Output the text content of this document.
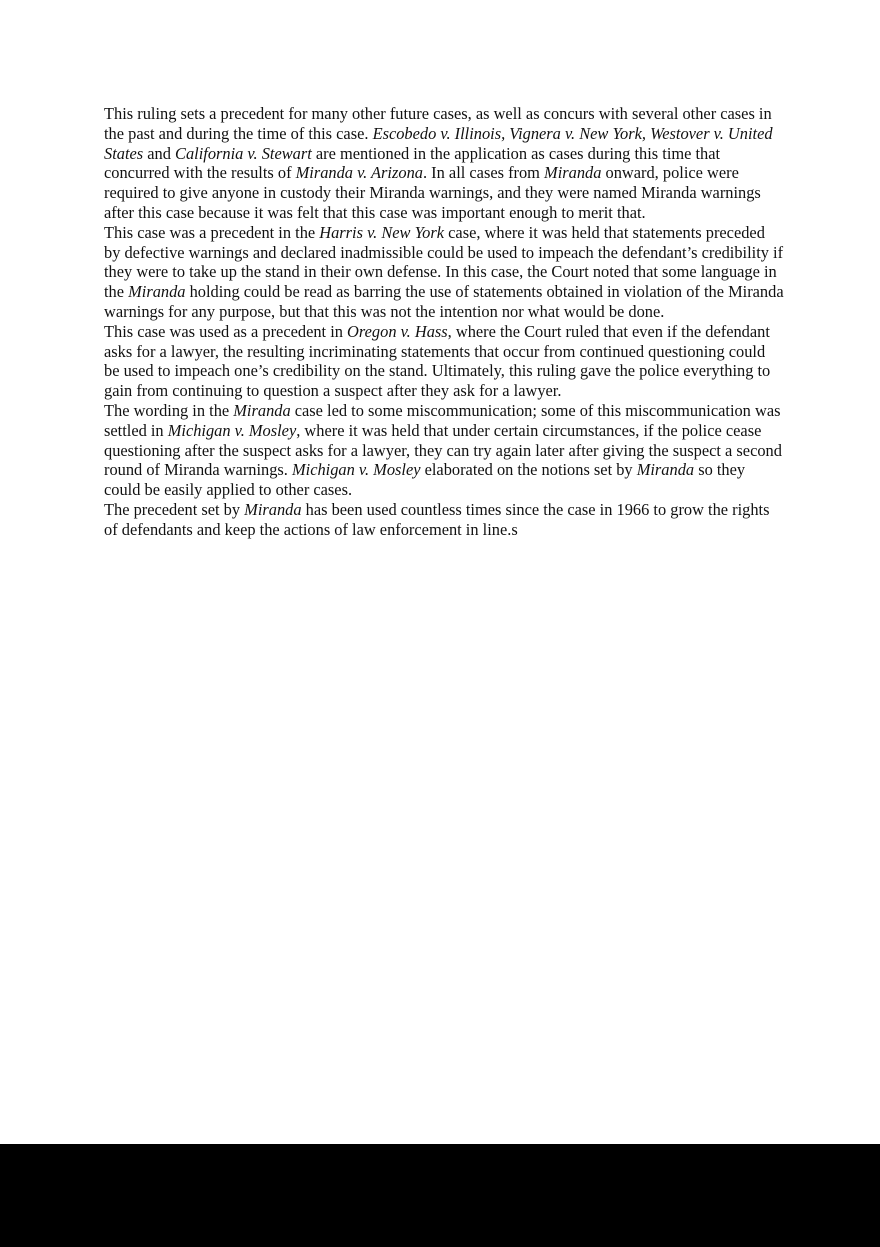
This ruling sets a precedent for many other future cases, as well as concurs with several other cases in the past and during the time of this case. Escobedo v. Illinois, Vignera v. New York, Westover v. United States and California v. Stewart are mentioned in the application as cases during this time that concurred with the results of Miranda v. Arizona. In all cases from Miranda onward, police were required to give anyone in custody their Miranda warnings, and they were named Miranda warnings after this case because it was felt that this case was important enough to merit that.

This case was a precedent in the Harris v. New York case, where it was held that statements preceded by defective warnings and declared inadmissible could be used to impeach the defendant’s credibility if they were to take up the stand in their own defense. In this case, the Court noted that some language in the Miranda holding could be read as barring the use of statements obtained in violation of the Miranda warnings for any purpose, but that this was not the intention nor what would be done.

This case was used as a precedent in Oregon v. Hass, where the Court ruled that even if the defendant asks for a lawyer, the resulting incriminating statements that occur from continued questioning could be used to impeach one’s credibility on the stand. Ultimately, this ruling gave the police everything to gain from continuing to question a suspect after they ask for a lawyer.

The wording in the Miranda case led to some miscommunication; some of this miscommunication was settled in Michigan v. Mosley, where it was held that under certain circumstances, if the police cease questioning after the suspect asks for a lawyer, they can try again later after giving the suspect a second round of Miranda warnings. Michigan v. Mosley elaborated on the notions set by Miranda so they could be easily applied to other cases.

The precedent set by Miranda has been used countless times since the case in 1966 to grow the rights of defendants and keep the actions of law enforcement in line.s
